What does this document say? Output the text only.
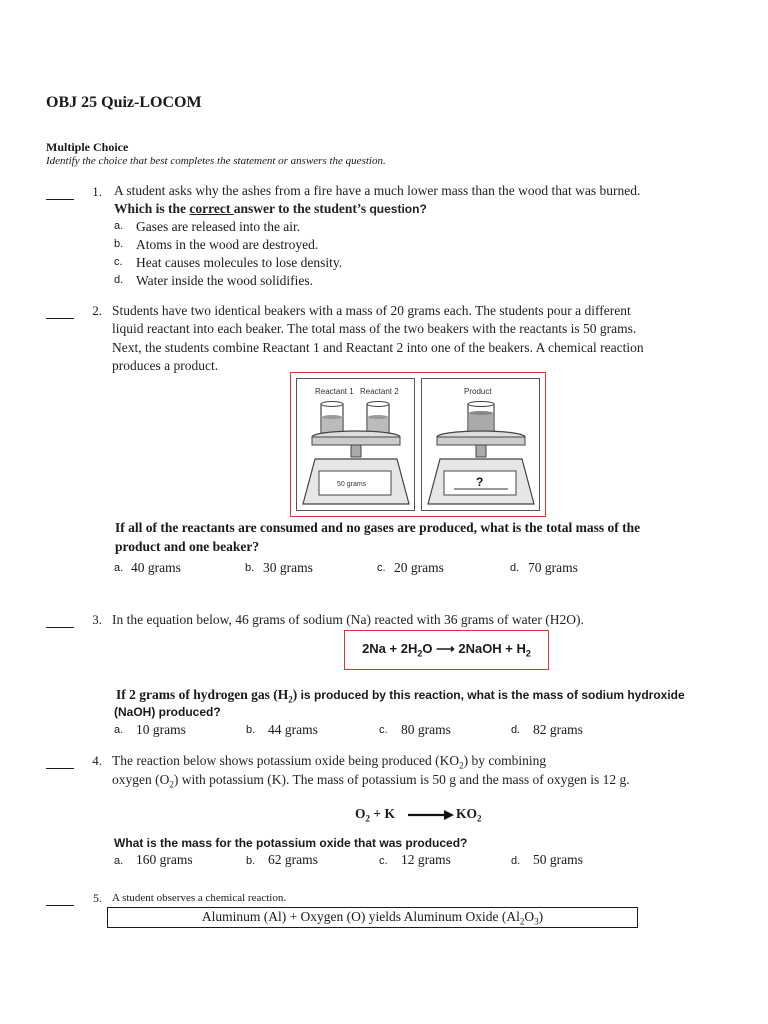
OBJ 25 Quiz-LOCOM
Multiple Choice
Identify the choice that best completes the statement or answers the question.
1. A student asks why the ashes from a fire have a much lower mass than the wood that was burned.
Which is the correct answer to the student’s question?
a. Gases are released into the air.
b. Atoms in the wood are destroyed.
c. Heat causes molecules to lose density.
d. Water inside the wood solidifies.
2. Students have two identical beakers with a mass of 20 grams each. The students pour a different
liquid reactant into each beaker. The total mass of the two beakers with the reactants is 50 grams.
Next, the students combine Reactant 1 and Reactant 2 into one of the beakers. A chemical reaction
produces a product.
Reactant 1 Reactant 2
50 grams
Product
?
If all of the reactants are consumed and no gases are produced, what is the total mass of the
product and one beaker?
a. 40 grams	b. 30 grams	c. 20 grams	d. 70 grams
3. In the equation below, 46 grams of sodium (Na) reacted with 36 grams of water (H2O).
$2Na + 2H_2O$ ⟶ 2NaOH + $H_2$
If 2 grams of hydrogen gas $(H_2)$ is produced by this reaction, what is the mass of sodium hydroxide
(NaOH) produced?
a. 10 grams	b. 44 grams	c. 80 grams	d. 82 grams
4. The reaction below shows potassium oxide being produced $(KO_2)$ by combining
oxygen $(O_2)$ with potassium (K). The mass of potassium is 50 g and the mass of oxygen is 12 g.
$O_2 + K$	$KO_2$
What is the mass for the potassium oxide that was produced?
a. 160 grams	b. 62 grams	c. 12 grams	d. 50 grams
5. A student observes a chemical reaction.
Aluminum (Al) + Oxygen (O) yields Aluminum Oxide $(Al_2O_3)$
